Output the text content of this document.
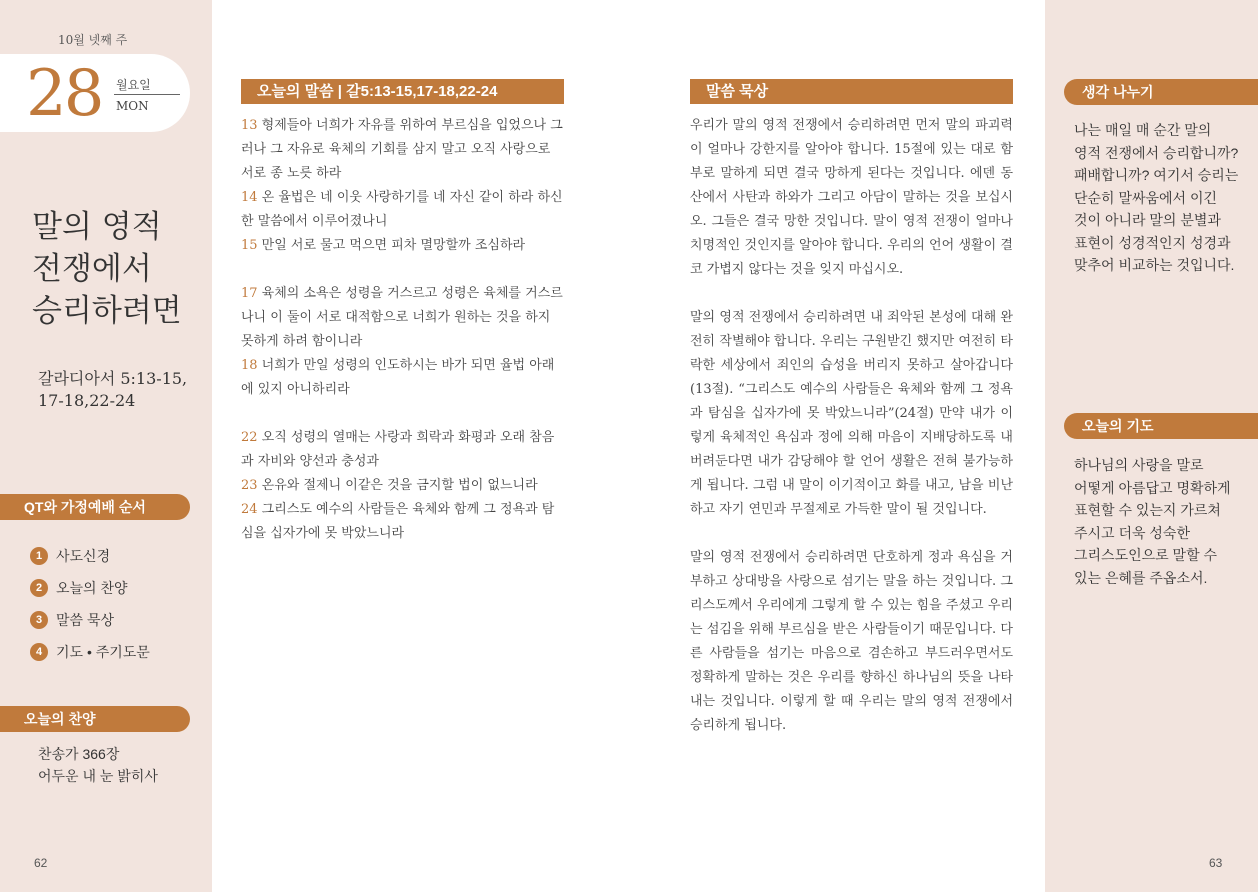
10월 넷째 주
28 월요일
MON
말의 영적
전쟁에서
승리하려면
갈라디아서 5:13-15,
17-18,22-24
QT와 가정예배 순서
1 사도신경
2 오늘의 찬양
3 말씀 묵상
4 기도 • 주기도문
오늘의 찬양
찬송가 366장
어두운 내 눈 밝히사
62
오늘의 말씀 | 갈5:13-15,17-18,22-24

13 형제들아 너희가 자유를 위하여 부르심을 입었으나 그러나 그 자유로 육체의 기회를 삼지 말고 오직 사랑으로 서로 종 노릇 하라

14 온 율법은 네 이웃 사랑하기를 네 자신 같이 하라 하신 한 말씀에서 이루어졌나니

15 만일 서로 물고 먹으면 피차 멸망할까 조심하라

17 육체의 소욕은 성령을 거스르고 성령은 육체를 거스르나니 이 둘이 서로 대적함으로 너희가 원하는 것을 하지 못하게 하려 함이니라

18 너희가 만일 성령의 인도하시는 바가 되면 율법 아래에 있지 아니하리라

22 오직 성령의 열매는 사랑과 희락과 화평과 오래 참음과 자비와 양선과 충성과

23 온유와 절제니 이같은 것을 금지할 법이 없느니라

24 그리스도 예수의 사람들은 육체와 함께 그 정욕과 탐심을 십자가에 못 박았느니라

말씀 묵상

우리가 말의 영적 전쟁에서 승리하려면 먼저 말의 파괴력이 얼마나 강한지를 알아야 합니다. 15절에 있는 대로 함부로 말하게 되면 결국 망하게 된다는 것입니다. 에덴 동산에서 사탄과 하와가 그리고 아담이 말하는 것을 보십시오. 그들은 결국 망한 것입니다. 말이 영적 전쟁이 얼마나 치명적인 것인지를 알아야 합니다. 우리의 언어 생활이 결코 가볍지 않다는 것을 잊지 마십시오.

말의 영적 전쟁에서 승리하려면 내 죄악된 본성에 대해 완전히 작별해야 합니다. 우리는 구원받긴 했지만 여전히 타락한 세상에서 죄인의 습성을 버리지 못하고 살아갑니다(13절). “그리스도 예수의 사람들은 육체와 함께 그 정욕과 탐심을 십자가에 못 박았느니라”(24절) 만약 내가 이렇게 육체적인 욕심과 정에 의해 마음이 지배당하도록 내버려둔다면 내가 감당해야 할 언어 생활은 전혀 불가능하게 됩니다. 그럼 내 말이 이기적이고 화를 내고, 남을 비난하고 자기 연민과 무절제로 가득한 말이 될 것입니다.

말의 영적 전쟁에서 승리하려면 단호하게 정과 욕심을 거부하고 상대방을 사랑으로 섬기는 말을 하는 것입니다. 그리스도께서 우리에게 그렇게 할 수 있는 힘을 주셨고 우리는 섬김을 위해 부르심을 받은 사람들이기 때문입니다. 다른 사람들을 섬기는 마음으로 겸손하고 부드러우면서도 정확하게 말하는 것은 우리를 향하신 하나님의 뜻을 나타내는 것입니다. 이렇게 할 때 우리는 말의 영적 전쟁에서 승리하게 됩니다.

생각 나누기
나는 매일 매 순간 말의
영적 전쟁에서 승리합니까?
패배합니까? 여기서 승리는
단순히 말싸움에서 이긴
것이 아니라 말의 분별과
표현이 성경적인지 성경과
맞추어 비교하는 것입니다.
오늘의 기도
하나님의 사랑을 말로
어떻게 아름답고 명확하게
표현할 수 있는지 가르쳐
주시고 더욱 성숙한
그리스도인으로 말할 수
있는 은혜를 주옵소서.
63
